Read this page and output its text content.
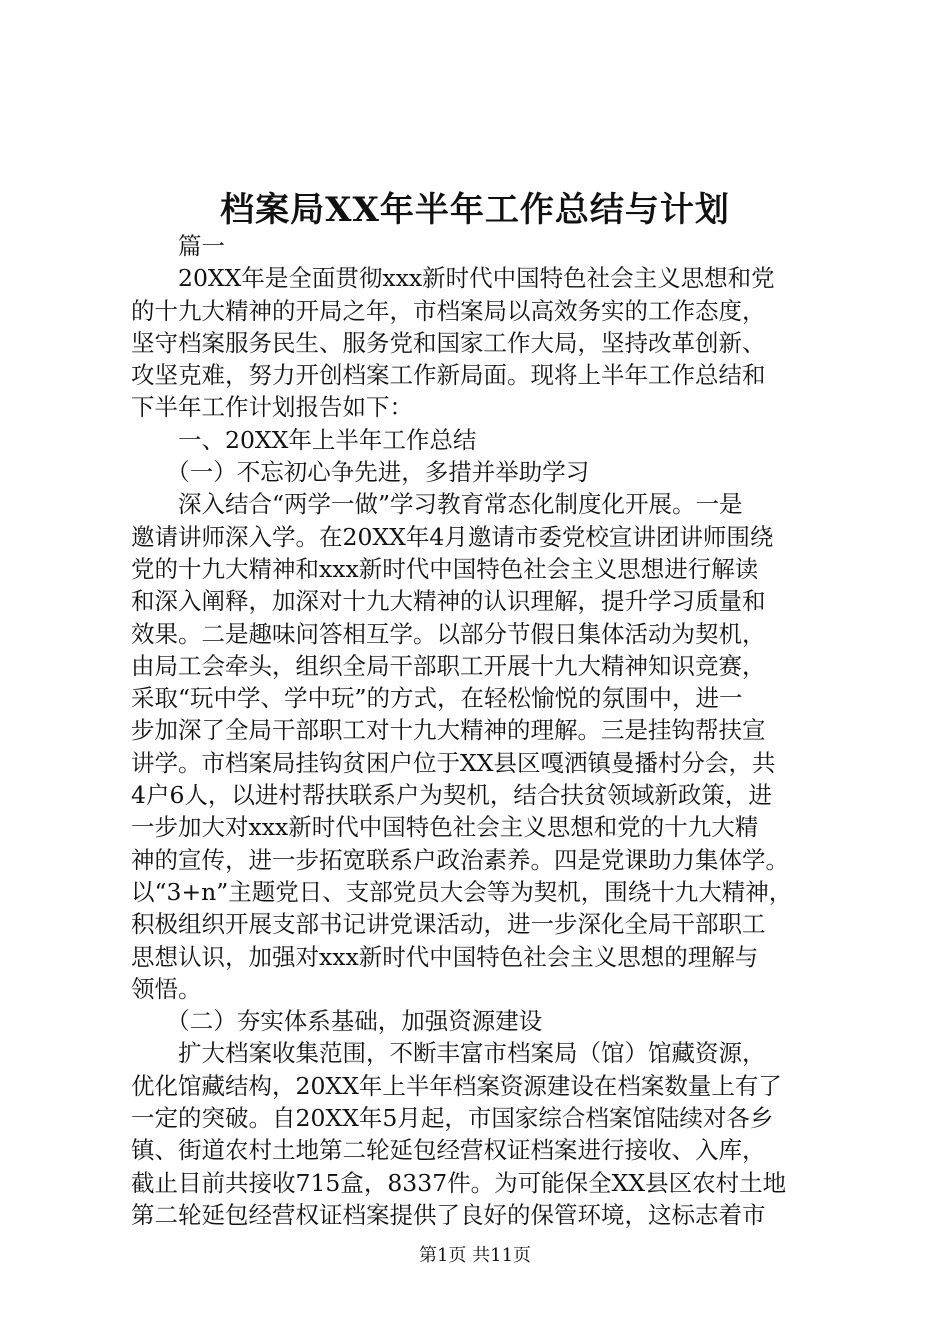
档案局XX年半年工作总结与计划
　　篇一
　　20XX年是全面贯彻xxx新时代中国特色社会主义思想和党
的十九大精神的开局之年，市档案局以高效务实的工作态度，
坚守档案服务民生、服务党和国家工作大局，坚持改革创新、
攻坚克难，努力开创档案工作新局面。现将上半年工作总结和
下半年工作计划报告如下：
　　一、20XX年上半年工作总结
　　（一）不忘初心争先进，多措并举助学习
　　深入结合“两学一做”学习教育常态化制度化开展。一是
邀请讲师深入学。在20XX年4月邀请市委党校宣讲团讲师围绕
党的十九大精神和xxx新时代中国特色社会主义思想进行解读
和深入阐释，加深对十九大精神的认识理解，提升学习质量和
效果。二是趣味问答相互学。以部分节假日集体活动为契机，
由局工会牵头，组织全局干部职工开展十九大精神知识竞赛，
采取“玩中学、学中玩”的方式，在轻松愉悦的氛围中，进一
步加深了全局干部职工对十九大精神的理解。三是挂钩帮扶宣
讲学。市档案局挂钩贫困户位于XX县区嘎洒镇曼播村分会，共
4户6人，以进村帮扶联系户为契机，结合扶贫领域新政策，进
一步加大对xxx新时代中国特色社会主义思想和党的十九大精
神的宣传，进一步拓宽联系户政治素养。四是党课助力集体学。
以“3+n”主题党日、支部党员大会等为契机，围绕十九大精神，
积极组织开展支部书记讲党课活动，进一步深化全局干部职工
思想认识，加强对xxx新时代中国特色社会主义思想的理解与
领悟。
　　（二）夯实体系基础，加强资源建设
　　扩大档案收集范围，不断丰富市档案局（馆）馆藏资源，
优化馆藏结构，20XX年上半年档案资源建设在档案数量上有了
一定的突破。自20XX年5月起，市国家综合档案馆陆续对各乡
镇、街道农村土地第二轮延包经营权证档案进行接收、入库，
截止目前共接收715盒，8337件。为可能保全XX县区农村土地
第二轮延包经营权证档案提供了良好的保管环境，这标志着市
第1页 共11页
